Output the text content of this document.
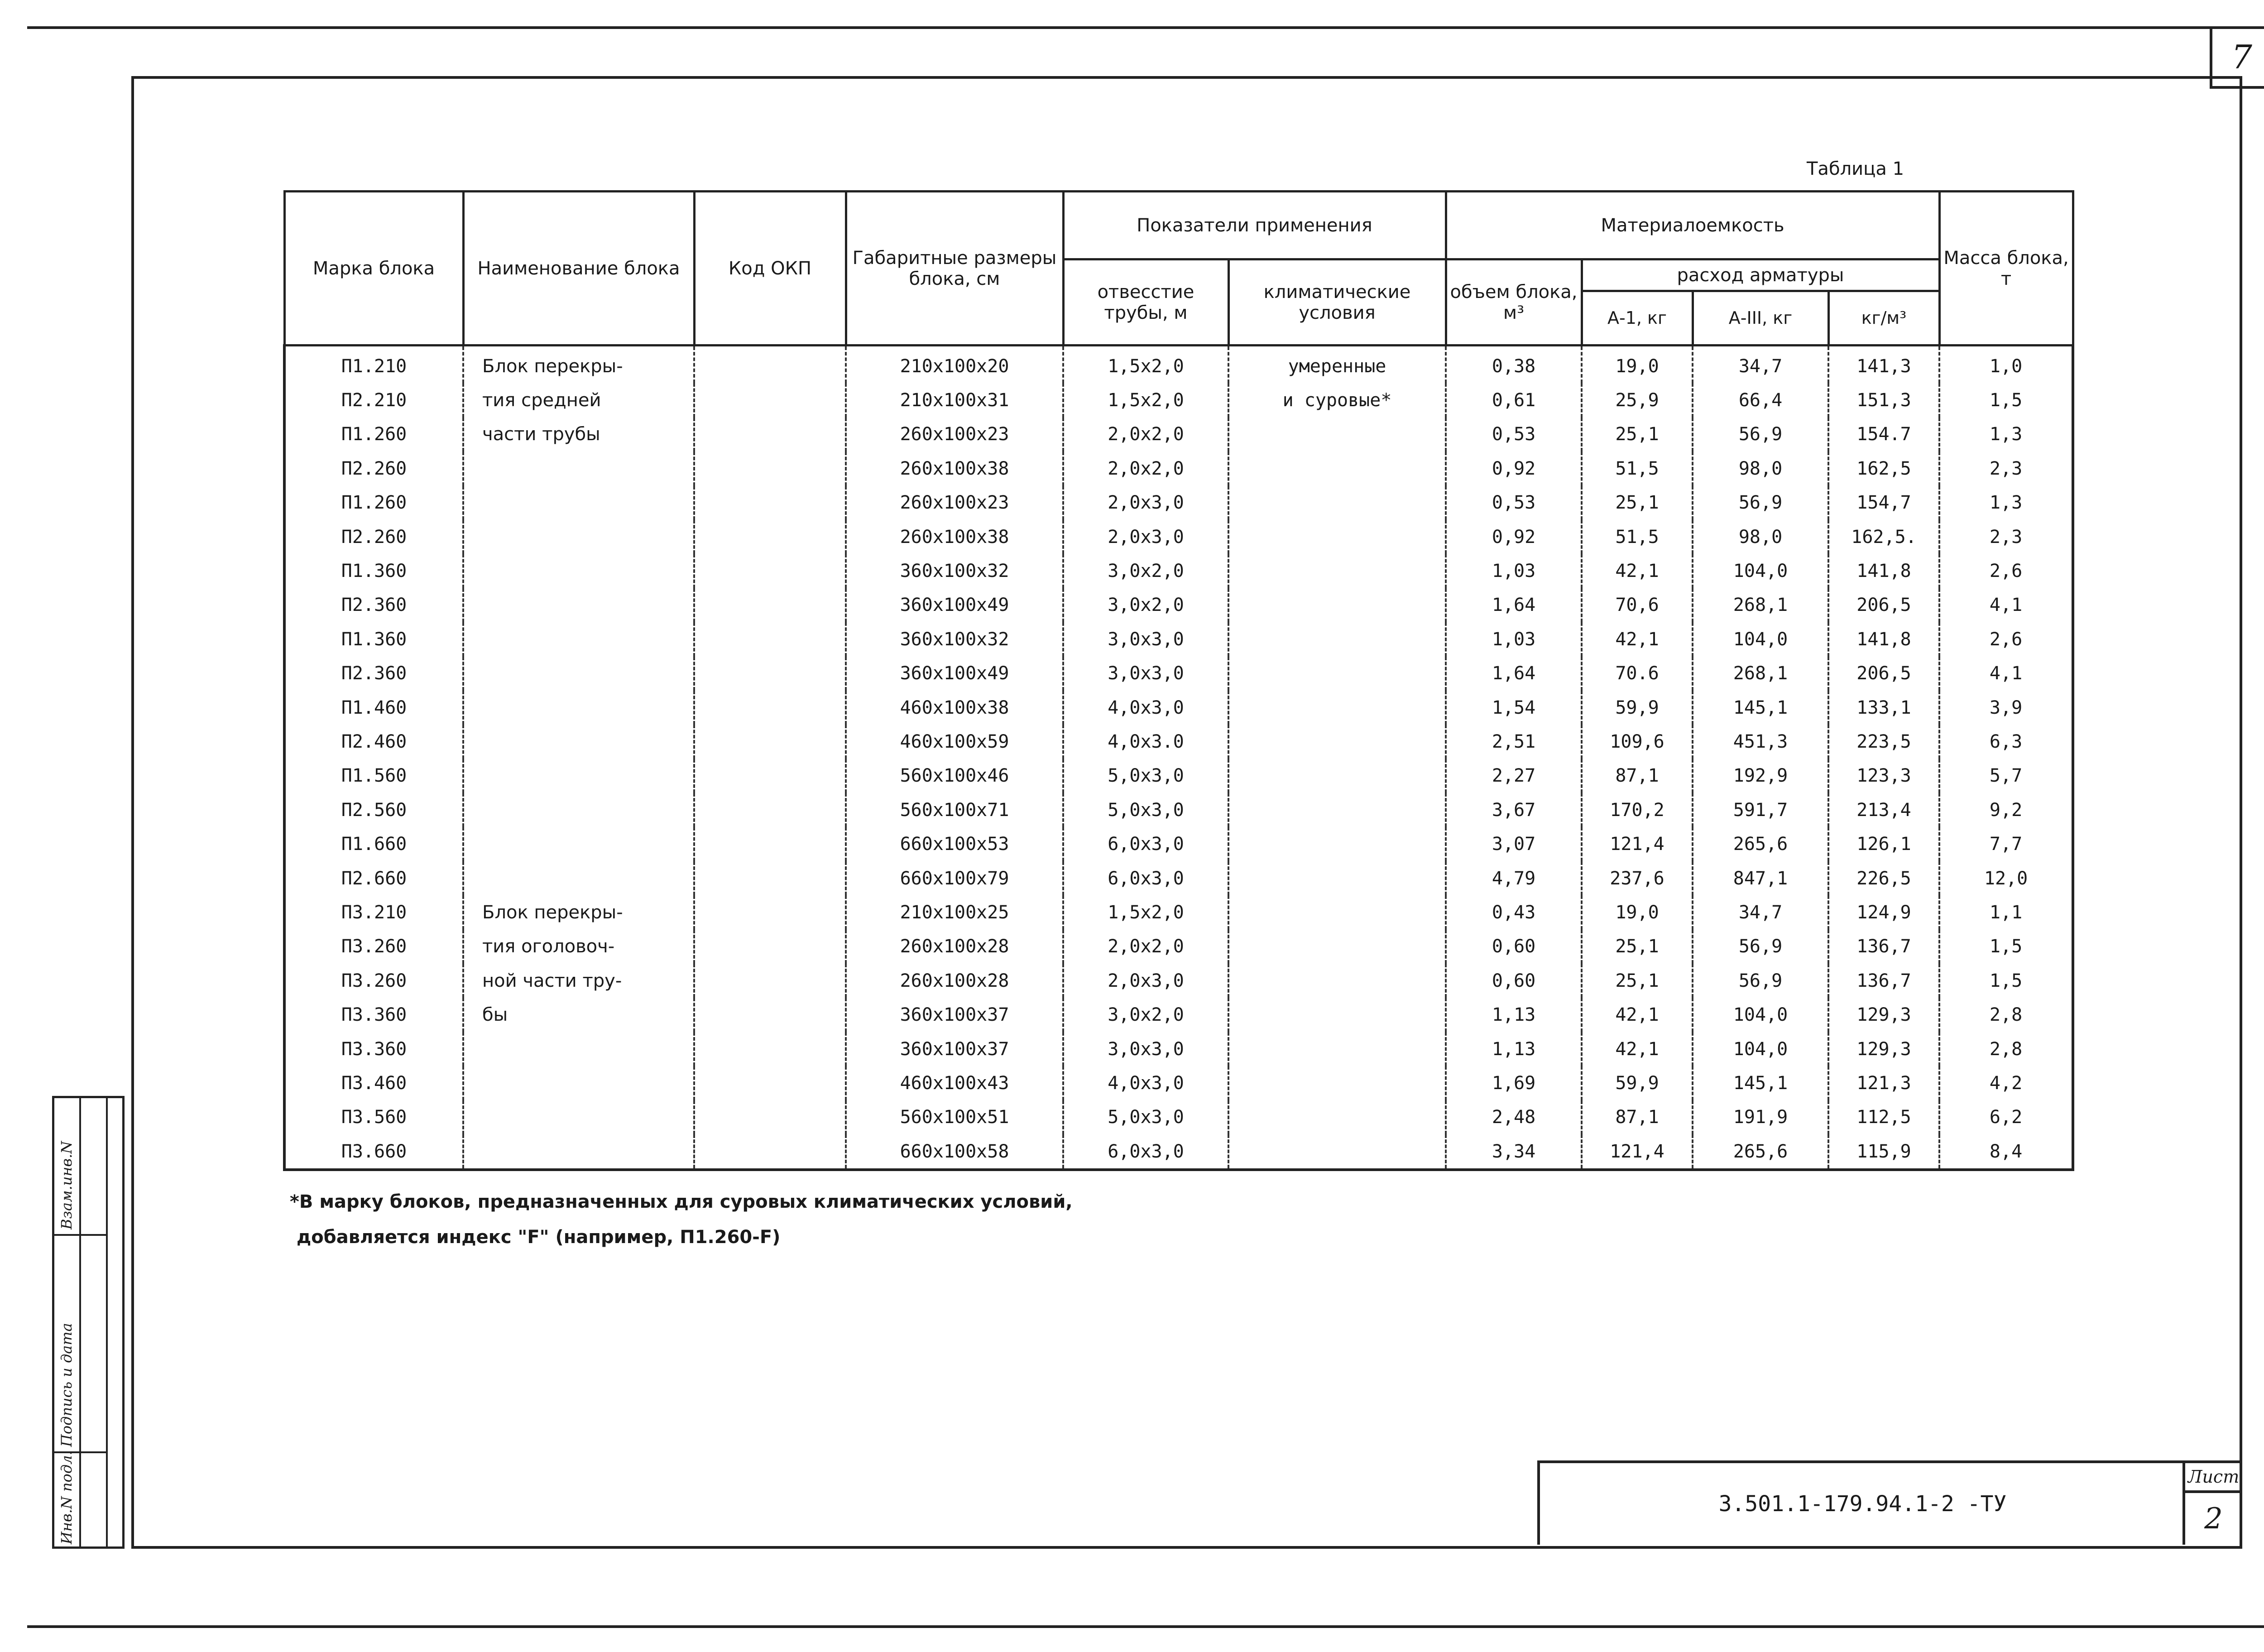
7
Таблица 1
Марка блока	Наименование блока	Код ОКП	Габаритные размеры блока, см	Показатели применения		Материалоемкость				Масса блока, т
				отвесстие трубы, м	климатические условия	объем блока, м³	расход арматуры			
							А-1, кг	А-III, кг	кг/м³	
П1.210	Блок перекры-		210x100x20	1,5x2,0	умеренные	0,38	19,0	34,7	141,3	1,0
П2.210	тия средней		210x100x31	1,5x2,0	и суровые*	0,61	25,9	66,4	151,3	1,5
П1.260	части трубы		260x100x23	2,0x2,0		0,53	25,1	56,9	154.7	1,3
П2.260			260x100x38	2,0x2,0		0,92	51,5	98,0	162,5	2,3
П1.260			260x100x23	2,0x3,0		0,53	25,1	56,9	154,7	1,3
П2.260			260x100x38	2,0x3,0		0,92	51,5	98,0	162,5.	2,3
П1.360			360x100x32	3,0x2,0		1,03	42,1	104,0	141,8	2,6
П2.360			360x100x49	3,0x2,0		1,64	70,6	268,1	206,5	4,1
П1.360			360x100x32	3,0x3,0		1,03	42,1	104,0	141,8	2,6
П2.360			360x100x49	3,0x3,0		1,64	70.6	268,1	206,5	4,1
П1.460			460x100x38	4,0x3,0		1,54	59,9	145,1	133,1	3,9
П2.460			460x100x59	4,0x3.0		2,51	109,6	451,3	223,5	6,3
П1.560			560x100x46	5,0x3,0		2,27	87,1	192,9	123,3	5,7
П2.560			560x100x71	5,0x3,0		3,67	170,2	591,7	213,4	9,2
П1.660			660x100x53	6,0x3,0		3,07	121,4	265,6	126,1	7,7
П2.660			660x100x79	6,0x3,0		4,79	237,6	847,1	226,5	12,0
П3.210	Блок перекры-		210x100x25	1,5x2,0		0,43	19,0	34,7	124,9	1,1
П3.260	тия оголовоч-		260x100x28	2,0x2,0		0,60	25,1	56,9	136,7	1,5
П3.260	ной части тру-		260x100x28	2,0x3,0		0,60	25,1	56,9	136,7	1,5
П3.360	бы		360x100x37	3,0x2,0		1,13	42,1	104,0	129,3	2,8
П3.360			360x100x37	3,0x3,0		1,13	42,1	104,0	129,3	2,8
П3.460			460x100x43	4,0x3,0		1,69	59,9	145,1	121,3	4,2
П3.560			560x100x51	5,0x3,0		2,48	87,1	191,9	112,5	6,2
П3.660			660x100x58	6,0x3,0		3,34	121,4	265,6	115,9	8,4
*В марку блоков, предназначенных для суровых климатических условий,
добавляется индекс "F" (например, П1.260-F)
3.501.1-179.94.1-2 -ТУ
Лист
2
Инв.N подл.
Подпись и дата
Взам.инв.N
